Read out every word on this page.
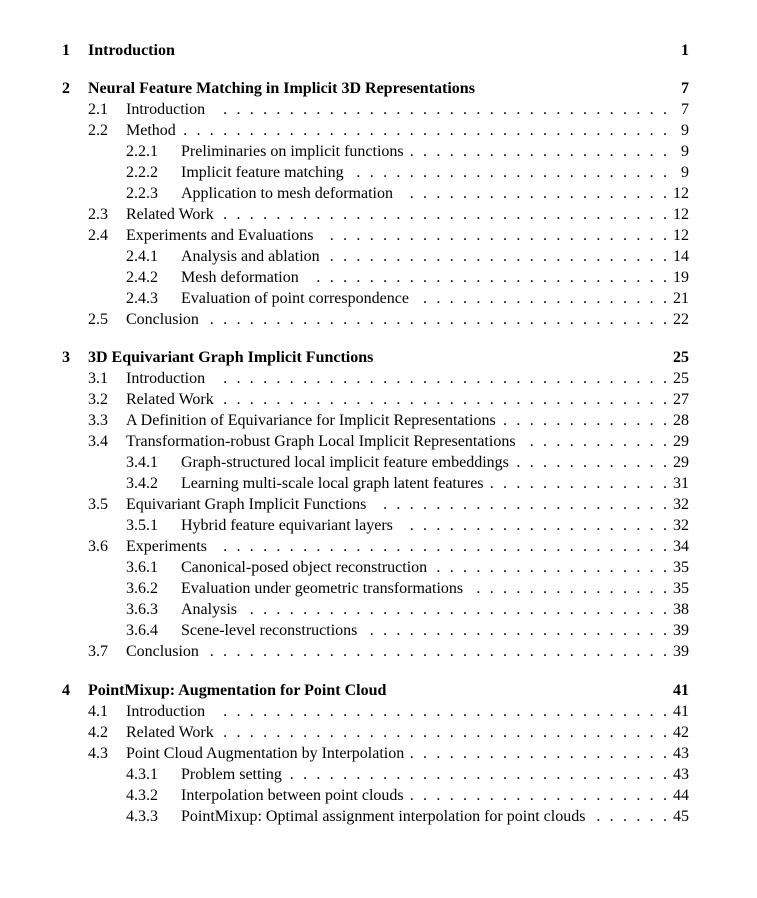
1 Introduction	1
2 Neural Feature Matching in Implicit 3D Representations	7
2.1 Introduction	7
.
.
.
.
.
.
.
.
.
.
.
.
.
.
.
.
.
.
.
.
.
.
.
.
.
.
.
.
.
.
.
.
.
.
2.2 Method	9
.
.
.
.
.
.
.
.
.
.
.
.
.
.
.
.
.
.
.
.
.
.
.
.
.
.
.
.
.
.
.
.
.
.
.
.
.
2.2.1 Preliminaries on implicit functions	9
.
.
.
.
.
.
.
.
.
.
.
.
.
.
.
.
.
.
.
.
2.2.2 Implicit feature matching	9
.
.
.
.
.
.
.
.
.
.
.
.
.
.
.
.
.
.
.
.
.
.
.
.
2.2.3 Application to mesh deformation	12
.
.
.
.
.
.
.
.
.
.
.
.
.
.
.
.
.
.
.
.
2.3 Related Work	12
.
.
.
.
.
.
.
.
.
.
.
.
.
.
.
.
.
.
.
.
.
.
.
.
.
.
.
.
.
.
.
.
.
.
2.4 Experiments and Evaluations	12
.
.
.
.
.
.
.
.
.
.
.
.
.
.
.
.
.
.
.
.
.
.
.
.
.
.
2.4.1 Analysis and ablation	14
.
.
.
.
.
.
.
.
.
.
.
.
.
.
.
.
.
.
.
.
.
.
.
.
.
.
2.4.2 Mesh deformation	19
.
.
.
.
.
.
.
.
.
.
.
.
.
.
.
.
.
.
.
.
.
.
.
.
.
.
.
2.4.3 Evaluation of point correspondence	21
.
.
.
.
.
.
.
.
.
.
.
.
.
.
.
.
.
.
.
2.5 Conclusion	22
.
.
.
.
.
.
.
.
.
.
.
.
.
.
.
.
.
.
.
.
.
.
.
.
.
.
.
.
.
.
.
.
.
.
.
3 3D Equivariant Graph Implicit Functions	25
3.1 Introduction	25
.
.
.
.
.
.
.
.
.
.
.
.
.
.
.
.
.
.
.
.
.
.
.
.
.
.
.
.
.
.
.
.
.
.
3.2 Related Work	27
.
.
.
.
.
.
.
.
.
.
.
.
.
.
.
.
.
.
.
.
.
.
.
.
.
.
.
.
.
.
.
.
.
.
3.3 A Definition of Equivariance for Implicit Representations	28
.
.
.
.
.
.
.
.
.
.
.
.
.
3.4 Transformation-robust Graph Local Implicit Representations	29
.
.
.
.
.
.
.
.
.
.
.
3.4.1 Graph-structured local implicit feature embeddings	29
.
.
.
.
.
.
.
.
.
.
.
.
3.4.2 Learning multi-scale local graph latent features	31
.
.
.
.
.
.
.
.
.
.
.
.
.
.
3.5 Equivariant Graph Implicit Functions	32
.
.
.
.
.
.
.
.
.
.
.
.
.
.
.
.
.
.
.
.
.
.
3.5.1 Hybrid feature equivariant layers	32
.
.
.
.
.
.
.
.
.
.
.
.
.
.
.
.
.
.
.
.
3.6 Experiments	34
.
.
.
.
.
.
.
.
.
.
.
.
.
.
.
.
.
.
.
.
.
.
.
.
.
.
.
.
.
.
.
.
.
.
3.6.1 Canonical-posed object reconstruction	35
.
.
.
.
.
.
.
.
.
.
.
.
.
.
.
.
.
.
3.6.2 Evaluation under geometric transformations	35
.
.
.
.
.
.
.
.
.
.
.
.
.
.
.
3.6.3 Analysis	38
.
.
.
.
.
.
.
.
.
.
.
.
.
.
.
.
.
.
.
.
.
.
.
.
.
.
.
.
.
.
.
.
3.6.4 Scene-level reconstructions	39
.
.
.
.
.
.
.
.
.
.
.
.
.
.
.
.
.
.
.
.
.
.
.
3.7 Conclusion	39
.
.
.
.
.
.
.
.
.
.
.
.
.
.
.
.
.
.
.
.
.
.
.
.
.
.
.
.
.
.
.
.
.
.
.
4 PointMixup: Augmentation for Point Cloud	41
4.1 Introduction	41
.
.
.
.
.
.
.
.
.
.
.
.
.
.
.
.
.
.
.
.
.
.
.
.
.
.
.
.
.
.
.
.
.
.
4.2 Related Work	42
.
.
.
.
.
.
.
.
.
.
.
.
.
.
.
.
.
.
.
.
.
.
.
.
.
.
.
.
.
.
.
.
.
.
4.3 Point Cloud Augmentation by Interpolation	43
.
.
.
.
.
.
.
.
.
.
.
.
.
.
.
.
.
.
.
.
4.3.1 Problem setting	43
.
.
.
.
.
.
.
.
.
.
.
.
.
.
.
.
.
.
.
.
.
.
.
.
.
.
.
.
.
4.3.2 Interpolation between point clouds	44
.
.
.
.
.
.
.
.
.
.
.
.
.
.
.
.
.
.
.
.
4.3.3 PointMixup: Optimal assignment interpolation for point clouds	45
.
.
.
.
.
.
